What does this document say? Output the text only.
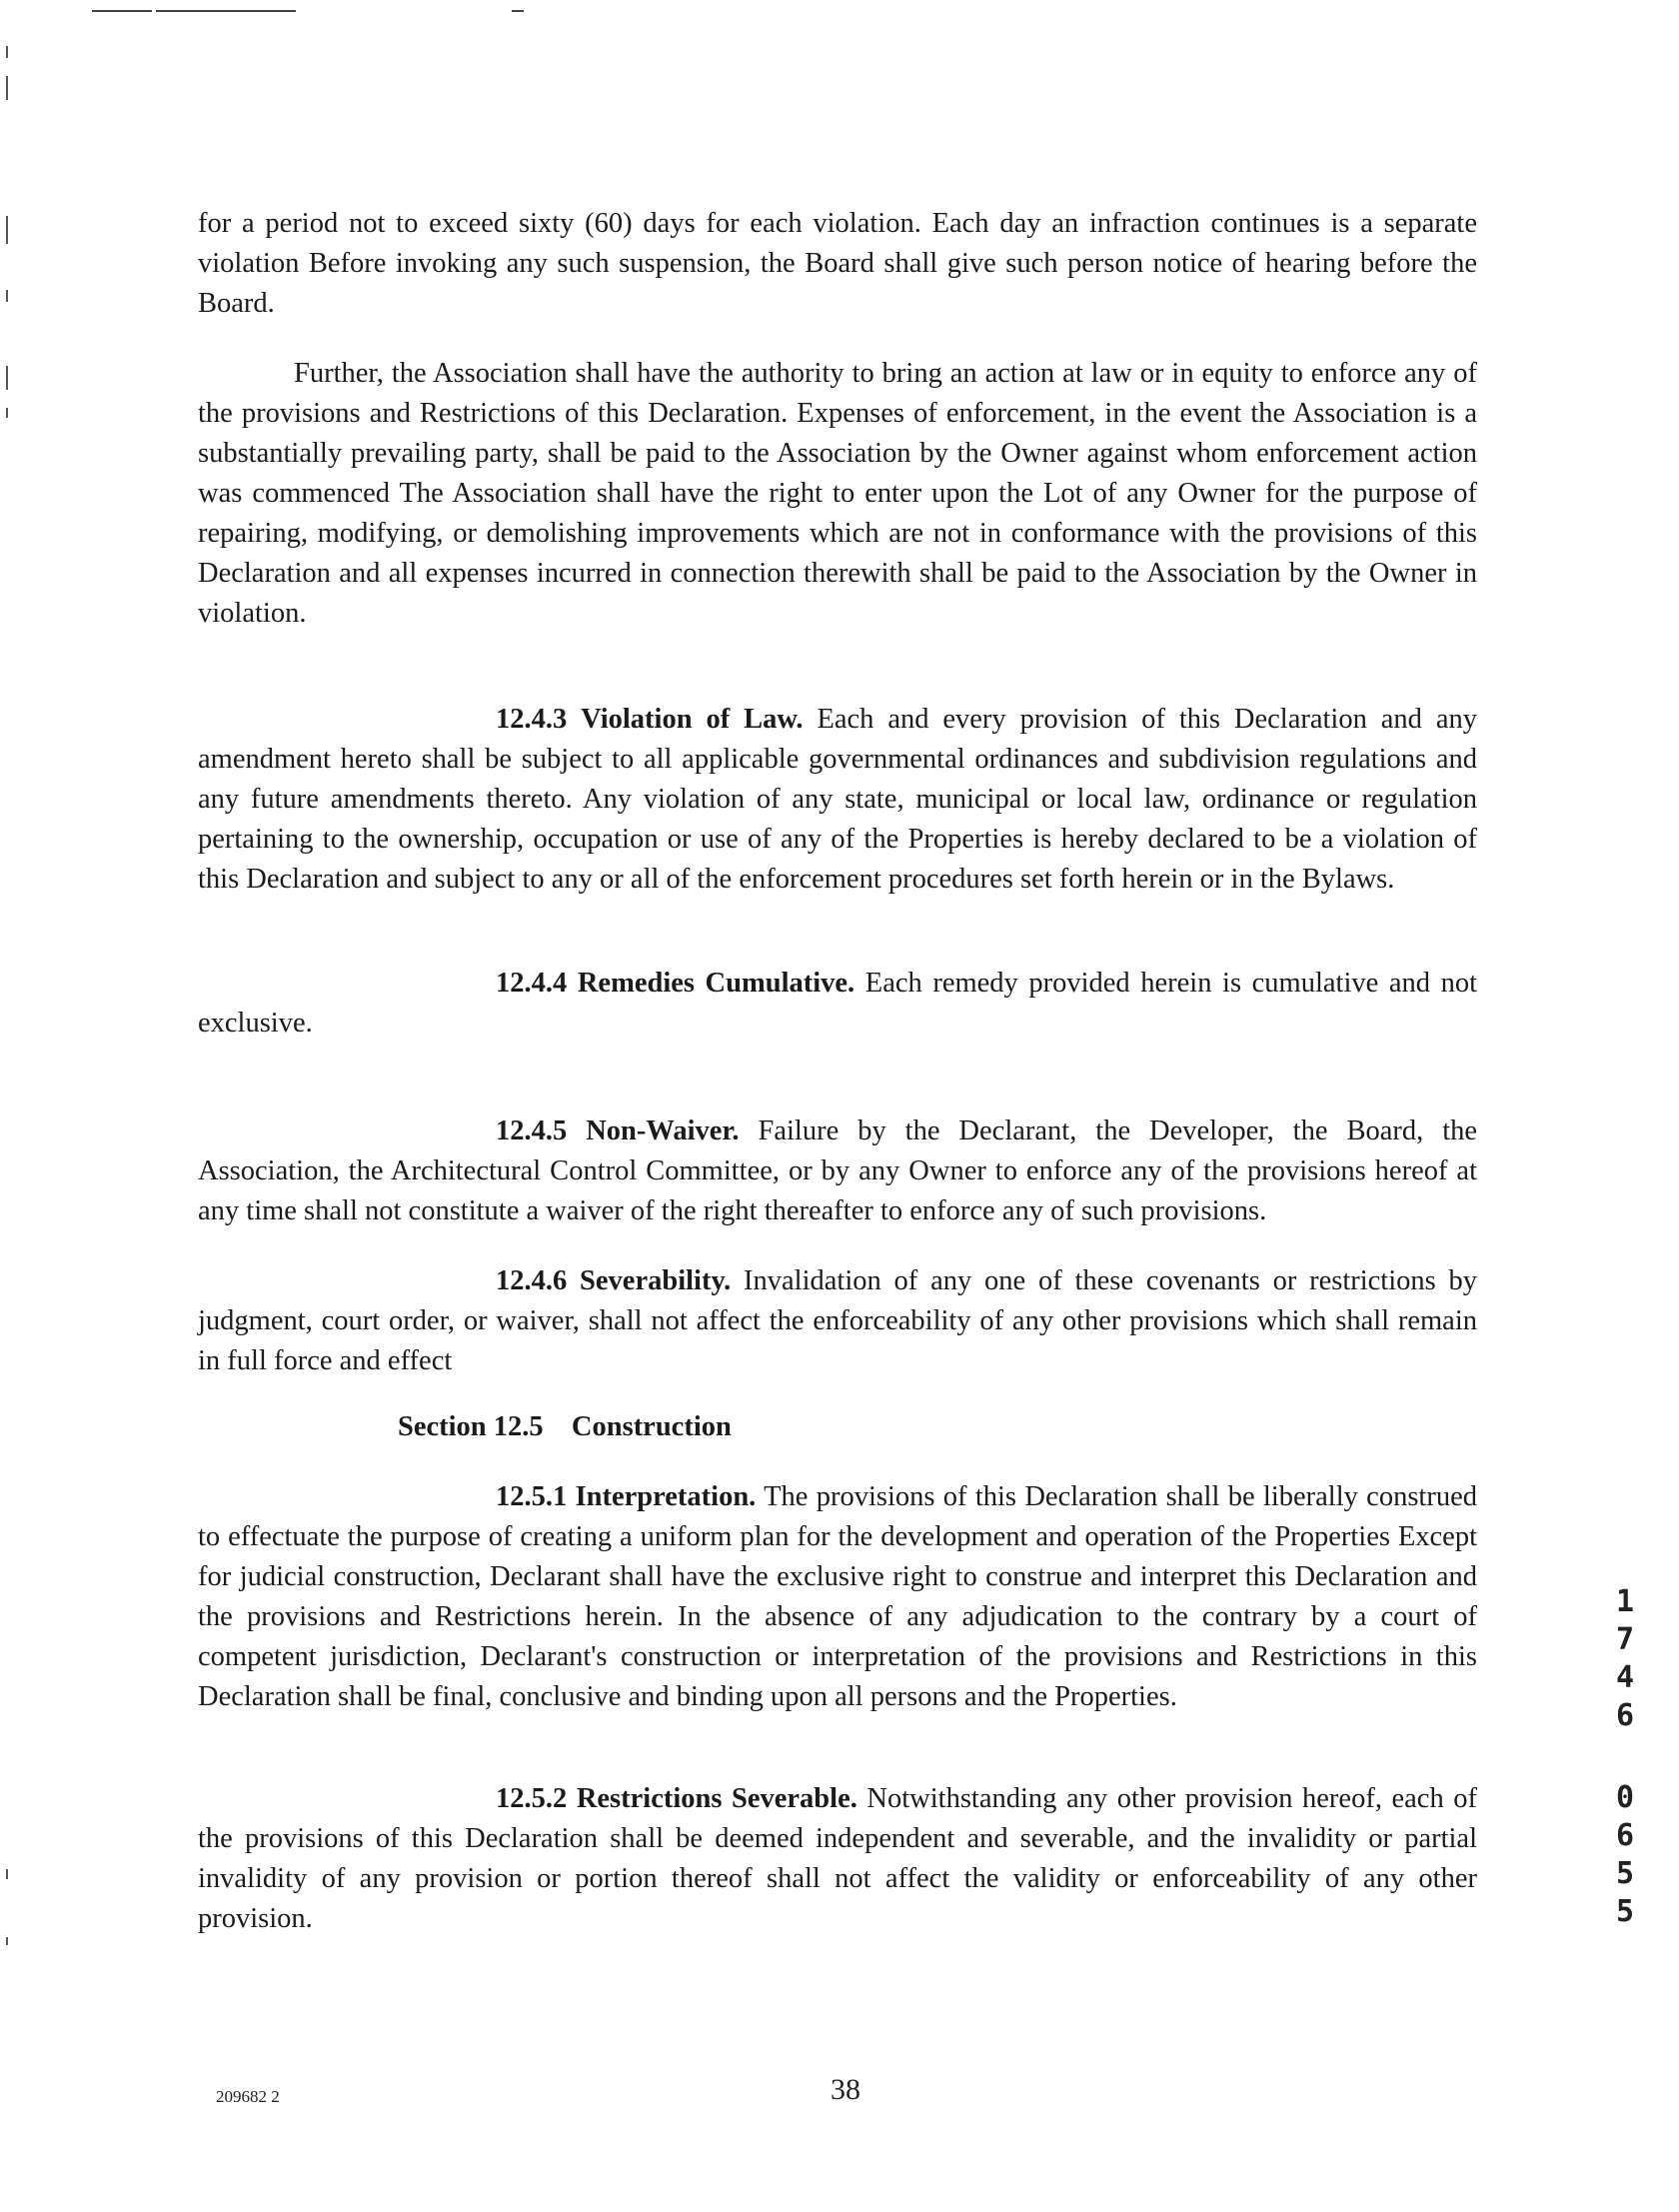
for a period not to exceed sixty (60) days for each violation. Each day an infraction continues is a separate violation Before invoking any such suspension, the Board shall give such person notice of hearing before the Board.

Further, the Association shall have the authority to bring an action at law or in equity to enforce any of the provisions and Restrictions of this Declaration. Expenses of enforcement, in the event the Association is a substantially prevailing party, shall be paid to the Association by the Owner against whom enforcement action was commenced The Association shall have the right to enter upon the Lot of any Owner for the purpose of repairing, modifying, or demolishing improvements which are not in conformance with the provisions of this Declaration and all expenses incurred in connection therewith shall be paid to the Association by the Owner in violation.

12.4.3 Violation of Law. Each and every provision of this Declaration and any amendment hereto shall be subject to all applicable governmental ordinances and subdivision regulations and any future amendments thereto. Any violation of any state, municipal or local law, ordinance or regulation pertaining to the ownership, occupation or use of any of the Properties is hereby declared to be a violation of this Declaration and subject to any or all of the enforcement procedures set forth herein or in the Bylaws.

12.4.4 Remedies Cumulative. Each remedy provided herein is cumulative and not exclusive.

12.4.5 Non-Waiver. Failure by the Declarant, the Developer, the Board, the Association, the Architectural Control Committee, or by any Owner to enforce any of the provisions hereof at any time shall not constitute a waiver of the right thereafter to enforce any of such provisions.

12.4.6 Severability. Invalidation of any one of these covenants or restrictions by judgment, court order, or waiver, shall not affect the enforceability of any other provisions which shall remain in full force and effect

Section 12.5 Construction

12.5.1 Interpretation. The provisions of this Declaration shall be liberally construed to effectuate the purpose of creating a uniform plan for the development and operation of the Properties Except for judicial construction, Declarant shall have the exclusive right to construe and interpret this Declaration and the provisions and Restrictions herein. In the absence of any adjudication to the contrary by a court of competent jurisdiction, Declarant's construction or interpretation of the provisions and Restrictions in this Declaration shall be final, conclusive and binding upon all persons and the Properties.

12.5.2 Restrictions Severable. Notwithstanding any other provision hereof, each of the provisions of this Declaration shall be deemed independent and severable, and the invalidity or partial invalidity of any provision or portion thereof shall not affect the validity or enforceability of any other provision.

1
7
4
6
0
6
5
5
209682 2	38
